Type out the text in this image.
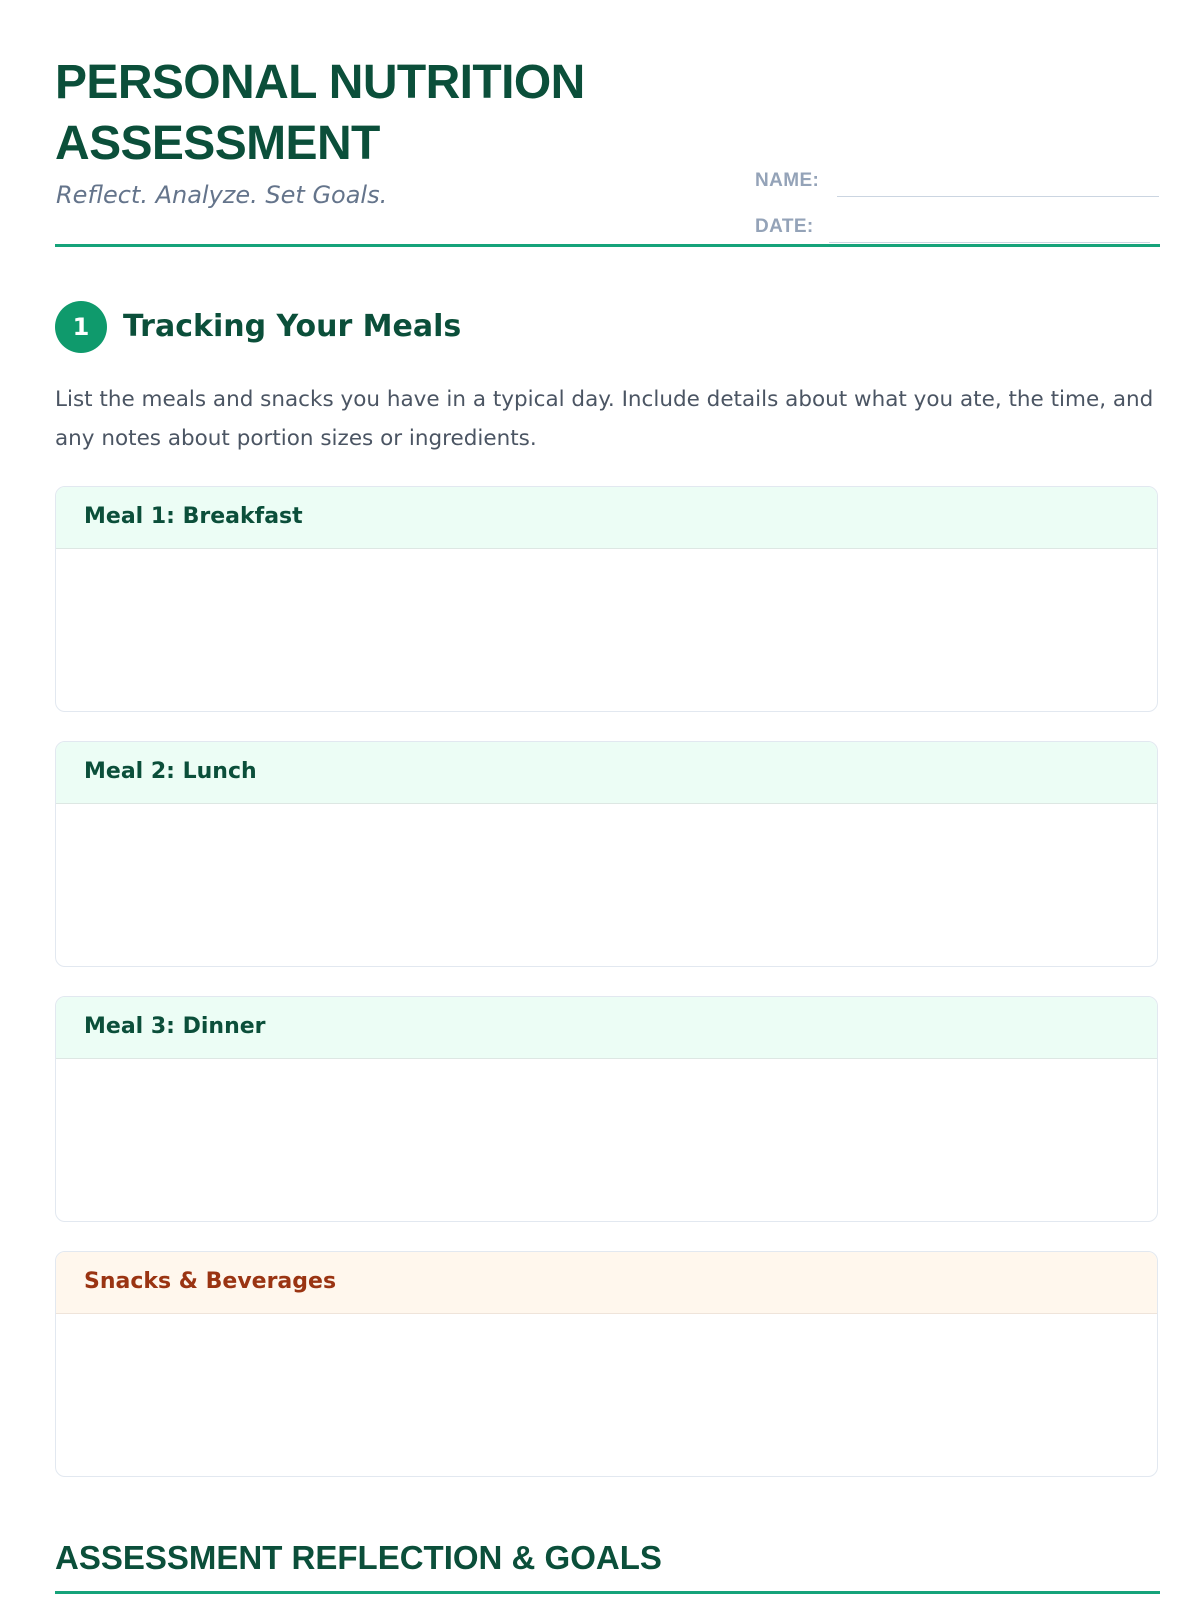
PERSONAL NUTRITION ASSESSMENT
Reflect. Analyze. Set Goals.
NAME:
DATE:
1	Tracking Your Meals

List the meals and snacks you have in a typical day. Include details about what you ate, the time, and any notes about portion sizes or ingredients.

Meal 1: Breakfast
Meal 2: Lunch
Meal 3: Dinner
Snacks & Beverages
ASSESSMENT REFLECTION & GOALS
